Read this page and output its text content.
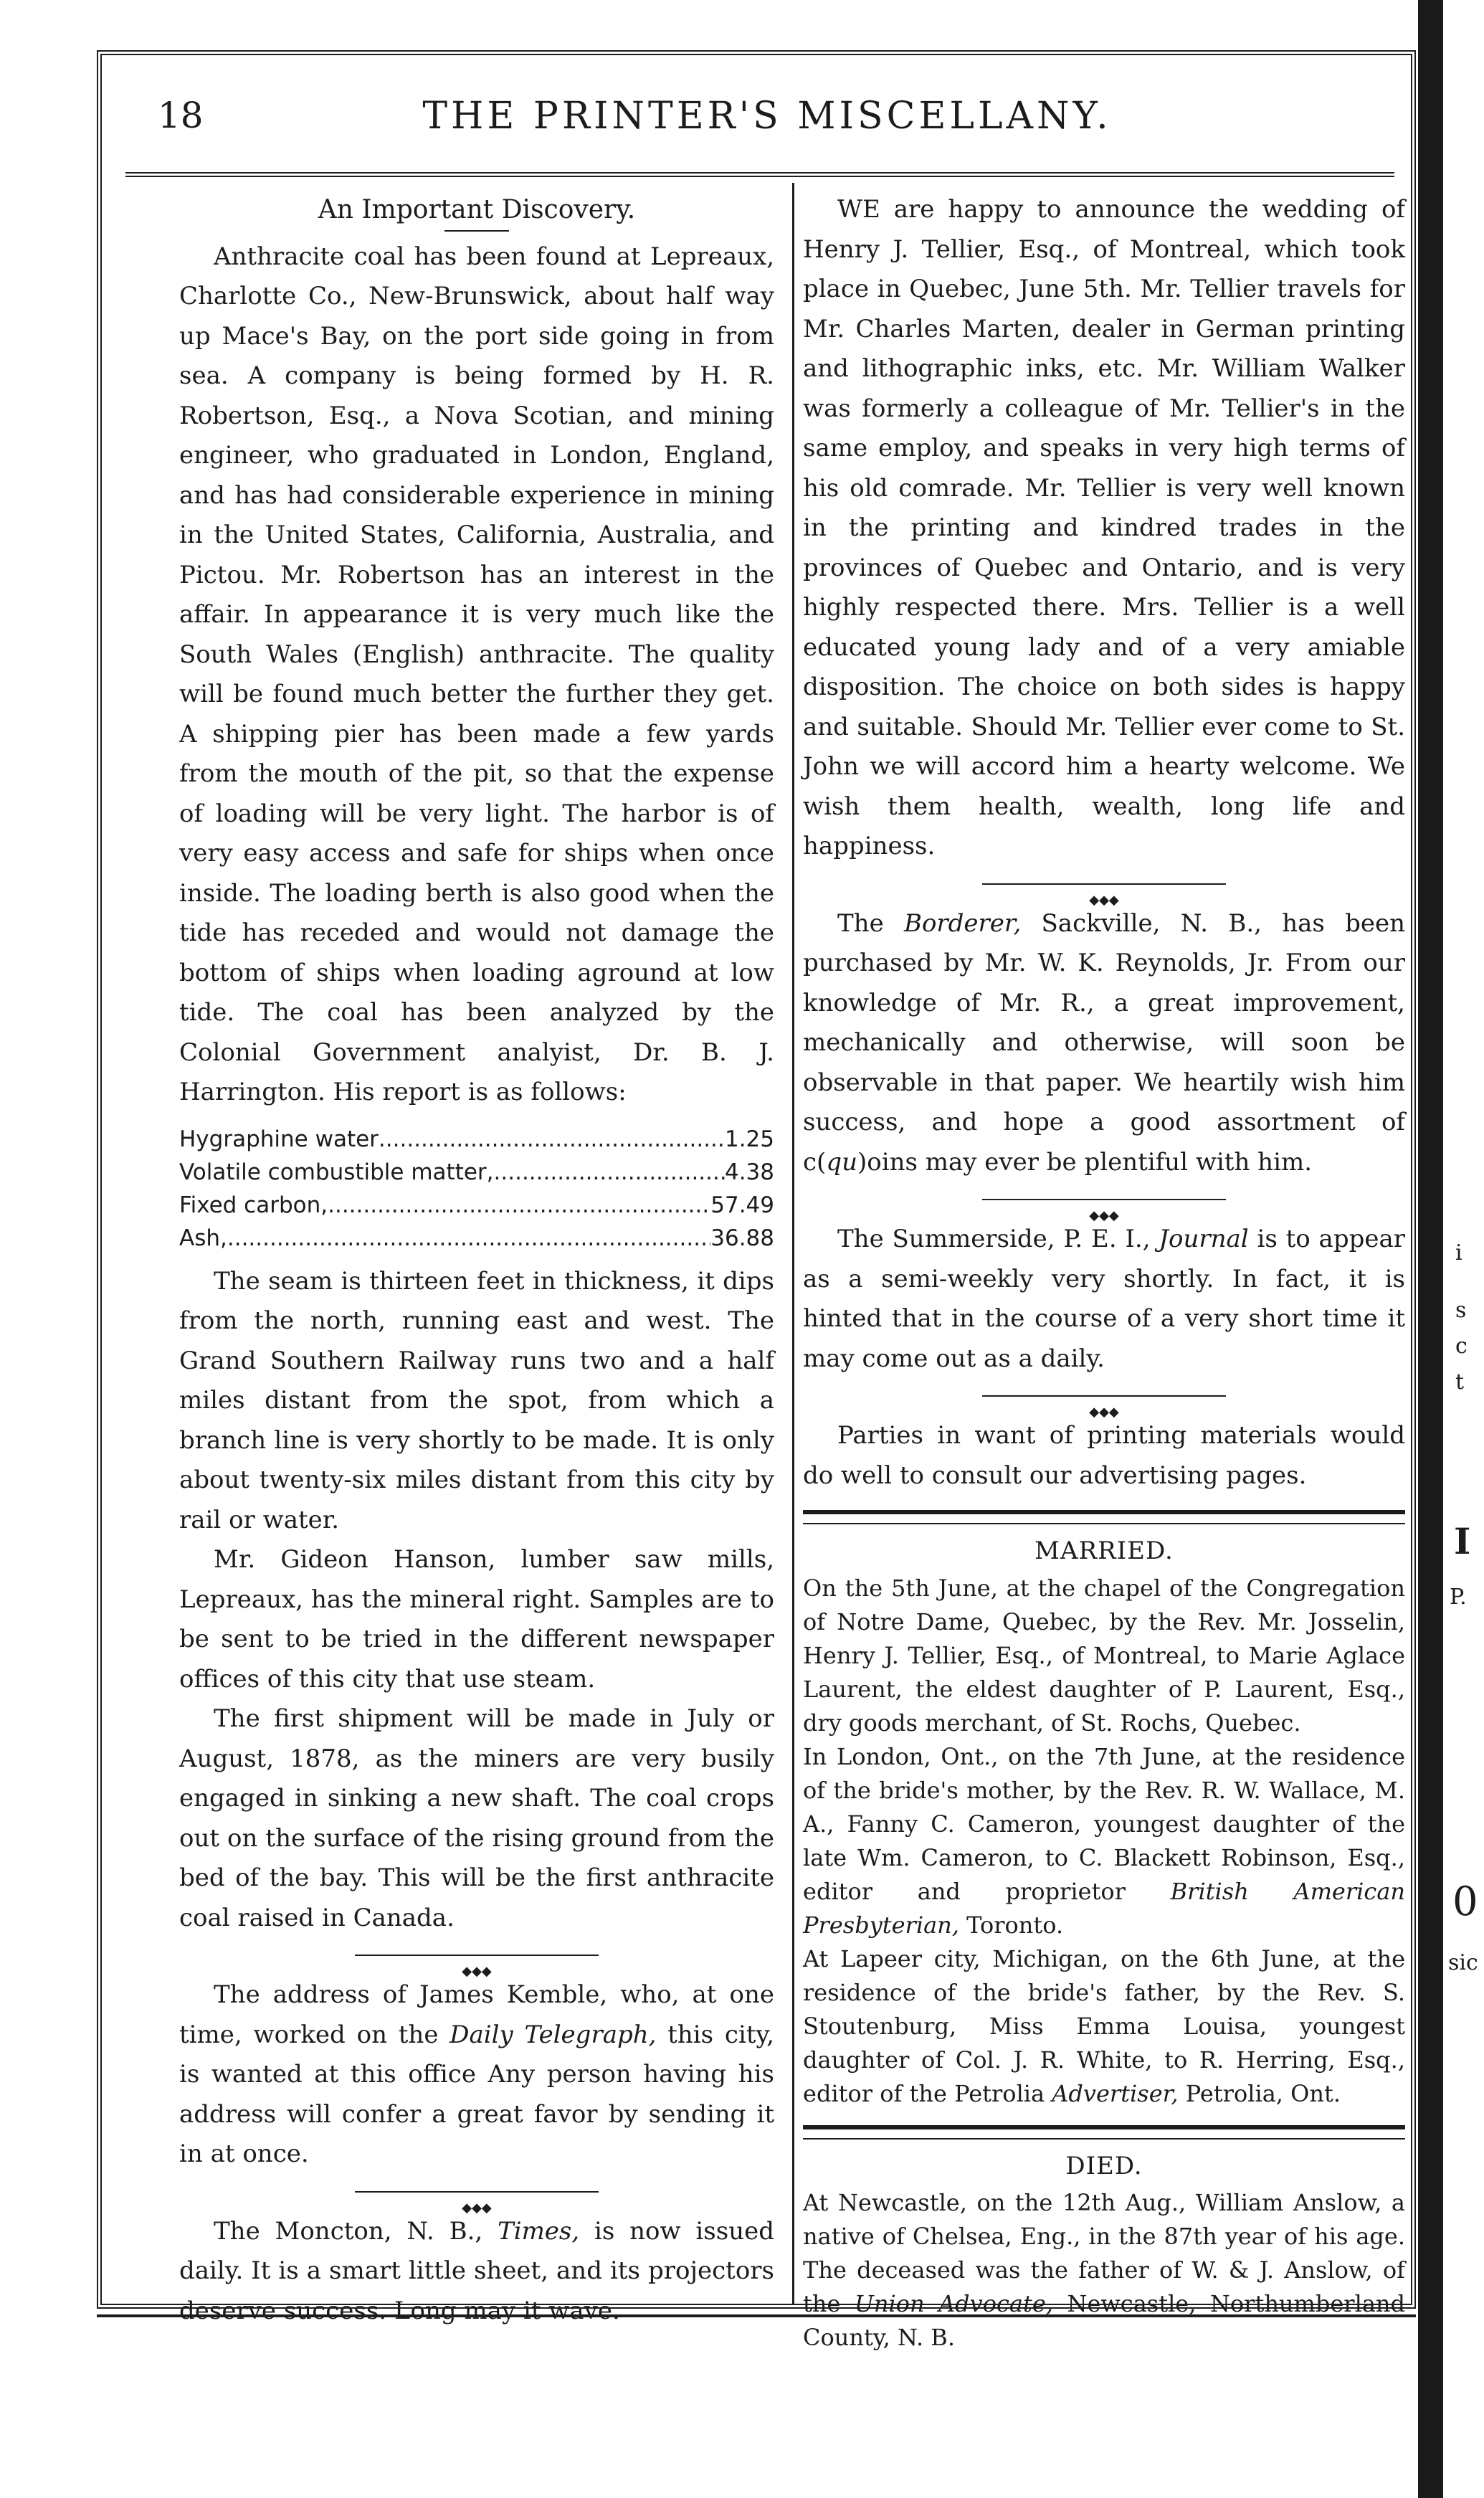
18	THE PRINTER'S MISCELLANY.

An Important Discovery.

Anthracite coal has been found at Lepreaux, Charlotte Co., New-Brunswick, about half way up Mace's Bay, on the port side going in from sea. A company is being formed by H. R. Robertson, Esq., a Nova Scotian, and mining engineer, who graduated in London, England, and has had considerable experience in mining in the United States, California, Australia, and Pictou. Mr. Robertson has an interest in the affair. In appearance it is very much like the South Wales (English) anthracite. The quality will be found much better the further they get. A shipping pier has been made a few yards from the mouth of the pit, so that the expense of loading will be very light. The harbor is of very easy access and safe for ships when once inside. The loading berth is also good when the tide has receded and would not damage the bottom of ships when loading aground at low tide. The coal has been analyzed by the Colonial Government analyist, Dr. B. J. Harrington. His report is as follows:

Hygraphine water .....	1.25
Volatile combustible matter, .....	4.38
Fixed carbon, .....	57.49
Ash, .....	36.88

The seam is thirteen feet in thickness, it dips from the north, running east and west. The Grand Southern Railway runs two and a half miles distant from the spot, from which a branch line is very shortly to be made. It is only about twenty-six miles distant from this city by rail or water.

Mr. Gideon Hanson, lumber saw mills, Lepreaux, has the mineral right. Samples are to be sent to be tried in the different newspaper offices of this city that use steam.

The first shipment will be made in July or August, 1878, as the miners are very busily engaged in sinking a new shaft. The coal crops out on the surface of the rising ground from the bed of the bay. This will be the first anthracite coal raised in Canada.

◆◆◆

The address of James Kemble, who, at one time, worked on the Daily Telegraph, this city, is wanted at this office Any person having his address will confer a great favor by sending it in at once.

◆◆◆

The Moncton, N. B., Times, is now issued daily. It is a smart little sheet, and its projectors deserve success. Long may it wave.

WE are happy to announce the wedding of Henry J. Tellier, Esq., of Montreal, which took place in Quebec, June 5th. Mr. Tellier travels for Mr. Charles Marten, dealer in German printing and lithographic inks, etc. Mr. William Walker was formerly a colleague of Mr. Tellier's in the same employ, and speaks in very high terms of his old comrade. Mr. Tellier is very well known in the printing and kindred trades in the provinces of Quebec and Ontario, and is very highly respected there. Mrs. Tellier is a well educated young lady and of a very amiable disposition. The choice on both sides is happy and suitable. Should Mr. Tellier ever come to St. John we will accord him a hearty welcome. We wish them health, wealth, long life and happiness.

◆◆◆

The Borderer, Sackville, N. B., has been purchased by Mr. W. K. Reynolds, Jr. From our knowledge of Mr. R., a great improvement, mechanically and otherwise, will soon be observable in that paper. We heartily wish him success, and hope a good assortment of c(qu)oins may ever be plentiful with him.

◆◆◆

The Summerside, P. E. I., Journal is to appear as a semi-weekly very shortly. In fact, it is hinted that in the course of a very short time it may come out as a daily.

◆◆◆

Parties in want of printing materials would do well to consult our advertising pages.

MARRIED.

On the 5th June, at the chapel of the Congregation of Notre Dame, Quebec, by the Rev. Mr. Josselin, Henry J. Tellier, Esq., of Montreal, to Marie Aglace Laurent, the eldest daughter of P. Laurent, Esq., dry goods merchant, of St. Rochs, Quebec.

In London, Ont., on the 7th June, at the residence of the bride's mother, by the Rev. R. W. Wallace, M. A., Fanny C. Cameron, youngest daughter of the late Wm. Cameron, to C. Blackett Robinson, Esq., editor and proprietor British American Presbyterian, Toronto.

At Lapeer city, Michigan, on the 6th June, at the residence of the bride's father, by the Rev. S. Stoutenburg, Miss Emma Louisa, youngest daughter of Col. J. R. White, to R. Herring, Esq., editor of the Petrolia Advertiser, Petrolia, Ont.

DIED.

At Newcastle, on the 12th Aug., William Anslow, a native of Chelsea, Eng., in the 87th year of his age. The deceased was the father of W. & J. Anslow, of the Union Advocate, Newcastle, Northumberland County, N. B.

i
s
c
t
I
P.
0
sic
